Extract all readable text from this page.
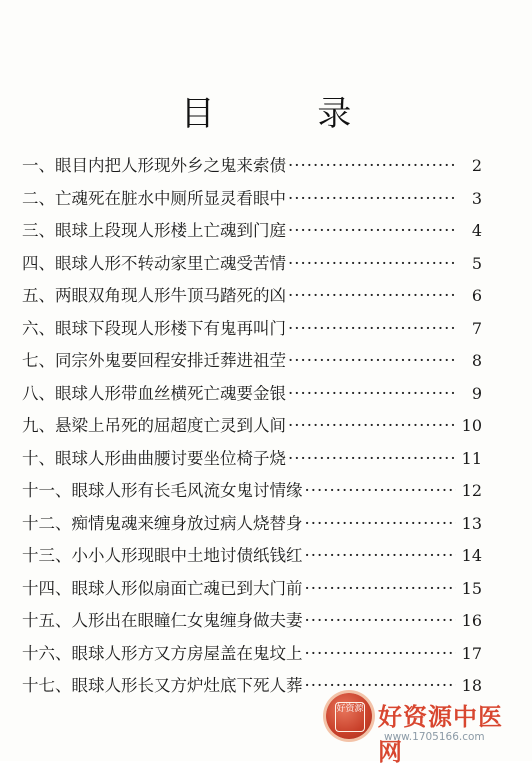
目 录
一、眼目内把人形现外乡之鬼来索债 ·····	2
二、亡魂死在脏水中厕所显灵看眼中 ·····	3
三、眼球上段现人形楼上亡魂到门庭 ·····	4
四、眼球人形不转动家里亡魂受苦情 ·····	5
五、两眼双角现人形牛顶马踏死的凶 ·····	6
六、眼球下段现人形楼下有鬼再叫门 ·····	7
七、同宗外鬼要回程安排迁葬进祖茔 ·····	8
八、眼球人形带血丝横死亡魂要金银 ·····	9
九、悬梁上吊死的屈超度亡灵到人间 ·····	10
十、眼球人形曲曲腰讨要坐位椅子烧 ·····	11
十一、眼球人形有长毛风流女鬼讨情缘 ·····	12
十二、痴情鬼魂来缠身放过病人烧替身 ·····	13
十三、小小人形现眼中土地讨债纸钱红 ·····	14
十四、眼球人形似扇面亡魂已到大门前 ·····	15
十五、人形出在眼瞳仁女鬼缠身做夫妻 ·····	16
十六、眼球人形方又方房屋盖在鬼坟上 ·····	17
十七、眼球人形长又方炉灶底下死人葬 ·····	18
好资源 好资源中医网
www.1705166.com
